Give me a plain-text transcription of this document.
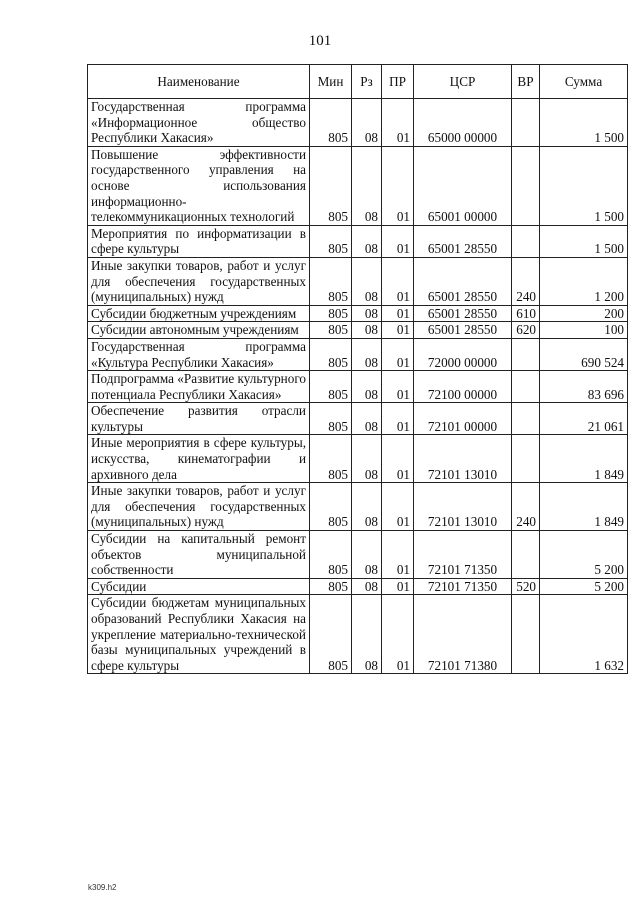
101
Наименование	Мин	Рз	ПР	ЦСР	ВР	Сумма
Государственная программа «Информационное общество Республики Хакасия»	805	08	01	65000 00000		1 500
Повышение эффективности государственного управления на основе использования информационно-телекоммуникационных технологий	805	08	01	65001 00000		1 500
Мероприятия по информатизации в сфере культуры	805	08	01	65001 28550		1 500
Иные закупки товаров, работ и услуг для обеспечения государственных (муниципальных) нужд	805	08	01	65001 28550	240	1 200
Субсидии бюджетным учреждениям	805	08	01	65001 28550	610	200
Субсидии автономным учреждениям	805	08	01	65001 28550	620	100
Государственная программа «Культура Республики Хакасия»	805	08	01	72000 00000		690 524
Подпрограмма «Развитие культурного потенциала Республики Хакасия»	805	08	01	72100 00000		83 696
Обеспечение развития отрасли культуры	805	08	01	72101 00000		21 061
Иные мероприятия в сфере культуры, искусства, кинематографии и архивного дела	805	08	01	72101 13010		1 849
Иные закупки товаров, работ и услуг для обеспечения государственных (муниципальных) нужд	805	08	01	72101 13010	240	1 849
Субсидии на капитальный ремонт объектов муниципальной собственности	805	08	01	72101 71350		5 200
Субсидии	805	08	01	72101 71350	520	5 200
Субсидии бюджетам муниципальных образований Республики Хакасия на укрепление материально-технической базы муниципальных учреждений в сфере культуры	805	08	01	72101 71380		1 632
k309.h2
